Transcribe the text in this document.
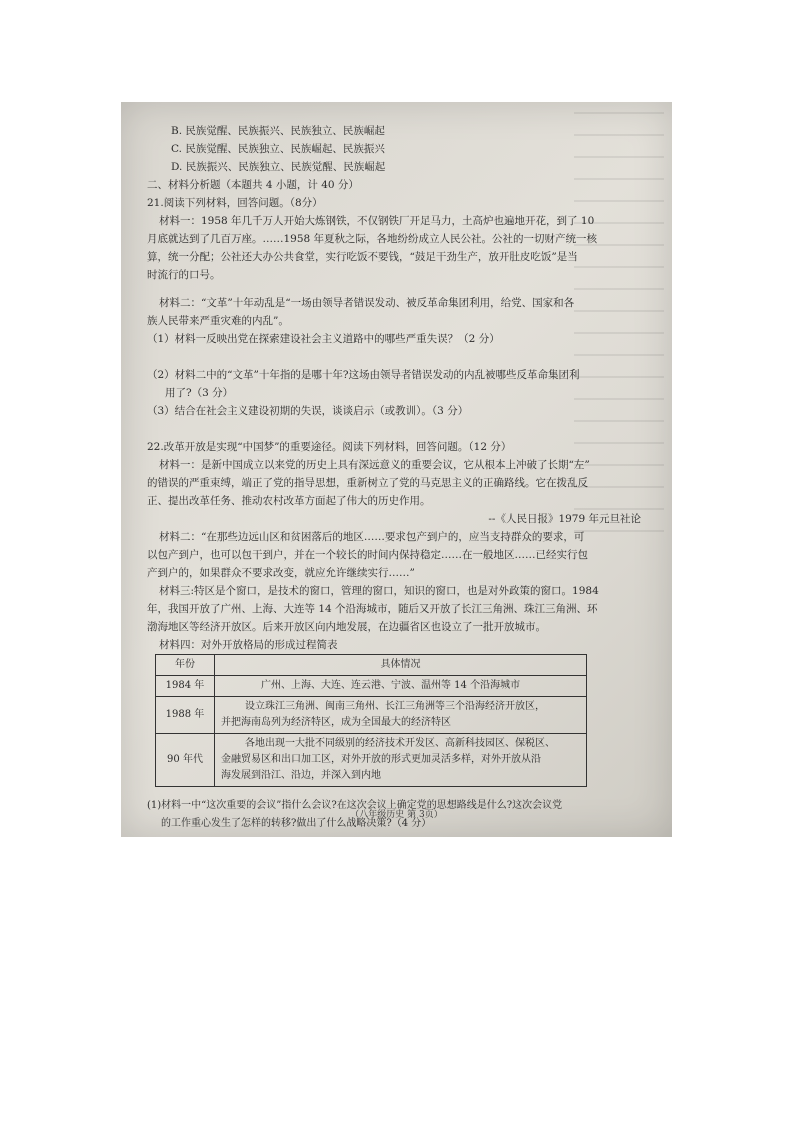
B. 民族觉醒、民族振兴、民族独立、民族崛起
C. 民族觉醒、民族独立、民族崛起、民族振兴
D. 民族振兴、民族独立、民族觉醒、民族崛起
二、材料分析题（本题共 4 小题，计 40 分）
21.阅读下列材料，回答问题。（8分）
材料一：1958 年几千万人开始大炼钢铁，不仅钢铁厂开足马力，土高炉也遍地开花，到了 10
月底就达到了几百万座。……1958 年夏秋之际，各地纷纷成立人民公社。公社的一切财产统一核
算，统一分配；公社还大办公共食堂，实行吃饭不要钱，“鼓足干劲生产，放开肚皮吃饭”是当
时流行的口号。
材料二：“文革”十年动乱是“一场由领导者错误发动、被反革命集团利用，给党、国家和各
族人民带来严重灾难的内乱”。
（1）材料一反映出党在探索建设社会主义道路中的哪些严重失误？（2 分）
（2）材料二中的“文革”十年指的是哪十年?这场由领导者错误发动的内乱被哪些反革命集团利
用了?（3 分）
（3）结合在社会主义建设初期的失误，谈谈启示（或教训）。（3 分）
22.改革开放是实现“中国梦”的重要途径。阅读下列材料，回答问题。（12 分）
材料一：是新中国成立以来党的历史上具有深远意义的重要会议，它从根本上冲破了长期“左”
的错误的严重束缚，端正了党的指导思想，重新树立了党的马克思主义的正确路线。它在拨乱反
正、提出改革任务、推动农村改革方面起了伟大的历史作用。
--《人民日报》1979 年元旦社论
材料二：“在那些边远山区和贫困落后的地区……要求包产到户的，应当支持群众的要求，可
以包产到户，也可以包干到户，并在一个较长的时间内保持稳定……在一般地区……已经实行包
产到户的，如果群众不要求改变，就应允许继续实行……”
材料三:特区是个窗口，是技术的窗口，管理的窗口，知识的窗口，也是对外政策的窗口。1984
年，我国开放了广州、上海、大连等 14 个沿海城市，随后又开放了长江三角洲、珠江三角洲、环
渤海地区等经济开放区。后来开放区向内地发展，在边疆省区也设立了一批开放城市。
材料四：对外开放格局的形成过程简表
年份	具体情况
1984 年	广州、上海、大连、连云港、宁波、温州等 14 个沿海城市

1988 年	设立珠江三角洲、闽南三角州、长江三角洲等三个沿海经济开放区，
并把海南岛列为经济特区，成为全国最大的经济特区

90 年代	各地出现一大批不同级别的经济技术开发区、高新科技园区、保税区、
金融贸易区和出口加工区，对外开放的形式更加灵活多样，对外开放从沿
海发展到沿江、沿边，并深入到内地
(1)材料一中“这次重要的会议”指什么会议?在这次会议上确定党的思想路线是什么?这次会议党
的工作重心发生了怎样的转移?做出了什么战略决策?（4 分）
（八年级历史 第 3页）
